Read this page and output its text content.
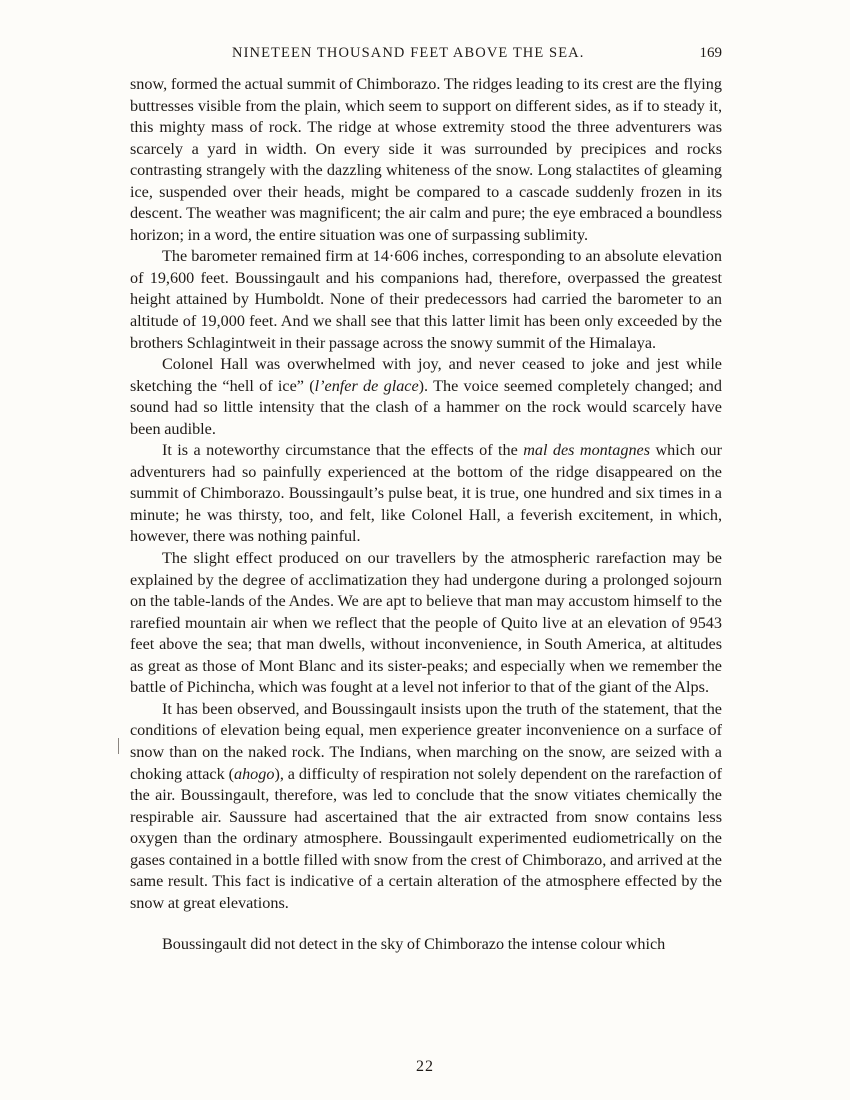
NINETEEN THOUSAND FEET ABOVE THE SEA.	169

snow, formed the actual summit of Chimborazo. The ridges leading to its crest are the flying buttresses visible from the plain, which seem to support on different sides, as if to steady it, this mighty mass of rock. The ridge at whose extremity stood the three adventurers was scarcely a yard in width. On every side it was surrounded by precipices and rocks contrasting strangely with the dazzling whiteness of the snow. Long stalactites of gleaming ice, suspended over their heads, might be compared to a cascade suddenly frozen in its descent. The weather was magnificent; the air calm and pure; the eye embraced a boundless horizon; in a word, the entire situation was one of surpassing sublimity.

The barometer remained firm at 14·606 inches, corresponding to an absolute elevation of 19,600 feet. Boussingault and his companions had, therefore, overpassed the greatest height attained by Humboldt. None of their predecessors had carried the barometer to an altitude of 19,000 feet. And we shall see that this latter limit has been only exceeded by the brothers Schlagintweit in their passage across the snowy summit of the Himalaya.

Colonel Hall was overwhelmed with joy, and never ceased to joke and jest while sketching the “hell of ice” (l’enfer de glace). The voice seemed completely changed; and sound had so little intensity that the clash of a hammer on the rock would scarcely have been audible.

It is a noteworthy circumstance that the effects of the mal des montagnes which our adventurers had so painfully experienced at the bottom of the ridge disappeared on the summit of Chimborazo. Boussingault’s pulse beat, it is true, one hundred and six times in a minute; he was thirsty, too, and felt, like Colonel Hall, a feverish excitement, in which, however, there was nothing painful.

The slight effect produced on our travellers by the atmospheric rarefaction may be explained by the degree of acclimatization they had undergone during a prolonged sojourn on the table-lands of the Andes. We are apt to believe that man may accustom himself to the rarefied mountain air when we reflect that the people of Quito live at an elevation of 9543 feet above the sea; that man dwells, without inconvenience, in South America, at altitudes as great as those of Mont Blanc and its sister-peaks; and especially when we remember the battle of Pichincha, which was fought at a level not inferior to that of the giant of the Alps.

It has been observed, and Boussingault insists upon the truth of the statement, that the conditions of elevation being equal, men experience greater inconvenience on a surface of snow than on the naked rock. The Indians, when marching on the snow, are seized with a choking attack (ahogo), a difficulty of respiration not solely dependent on the rarefaction of the air. Boussingault, therefore, was led to conclude that the snow vitiates chemically the respirable air. Saussure had ascertained that the air extracted from snow contains less oxygen than the ordinary atmosphere. Boussingault experimented eudiometrically on the gases contained in a bottle filled with snow from the crest of Chimborazo, and arrived at the same result. This fact is indicative of a certain alteration of the atmosphere effected by the snow at great elevations.

Boussingault did not detect in the sky of Chimborazo the intense colour which

22
